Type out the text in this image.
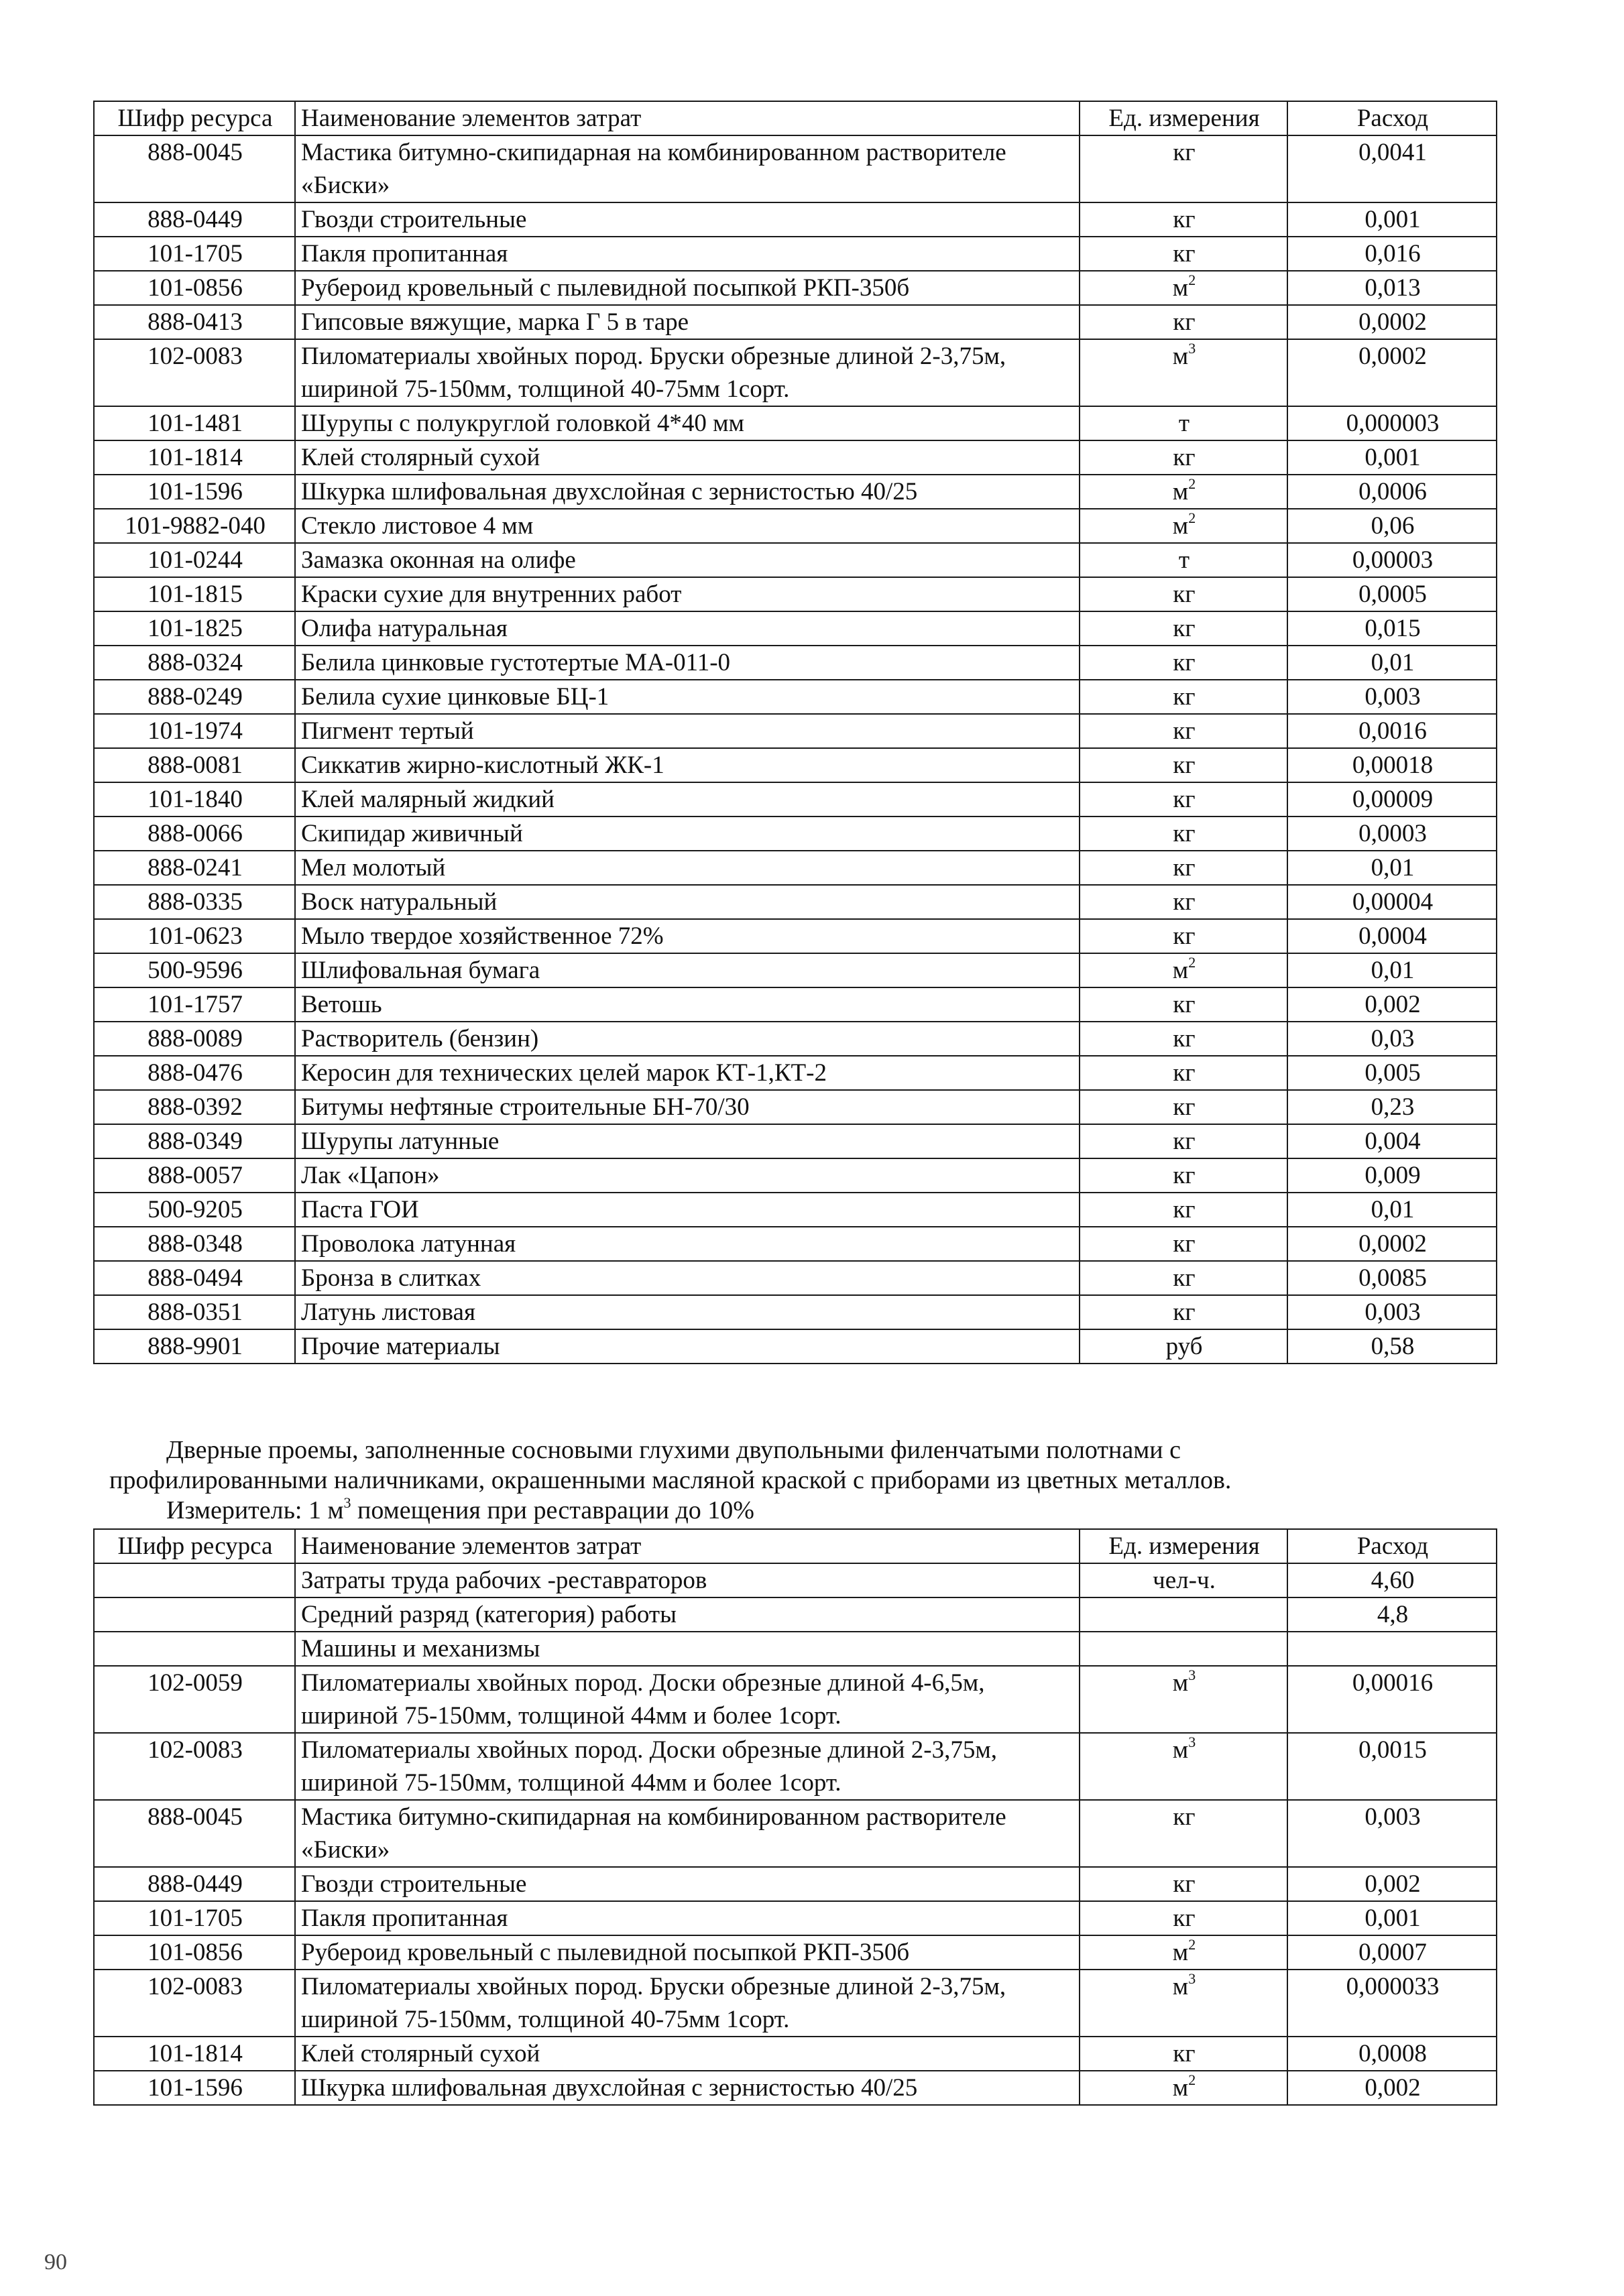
Шифр ресурса	Наименование элементов затрат	Ед. измерения	Расход
888-0045	Мастика битумно-скипидарная на комбинированном растворителе «Биски»	кг	0,0041
888-0449	Гвозди строительные	кг	0,001
101-1705	Пакля пропитанная	кг	0,016
101-0856	Рубероид кровельный с пылевидной посыпкой РКП-350б	$м^2$	0,013
888-0413	Гипсовые вяжущие, марка Г 5 в таре	кг	0,0002
102-0083	Пиломатериалы хвойных пород. Бруски обрезные длиной 2-3,75м, шириной 75-150мм, толщиной 40-75мм 1сорт.	$м^3$	0,0002
101-1481	Шурупы с полукруглой головкой 4*40 мм	т	0,000003
101-1814	Клей столярный сухой	кг	0,001
101-1596	Шкурка шлифовальная двухслойная с зернистостью 40/25	$м^2$	0,0006
101-9882-040	Стекло листовое 4 мм	$м^2$	0,06
101-0244	Замазка оконная на олифе	т	0,00003
101-1815	Краски сухие для внутренних работ	кг	0,0005
101-1825	Олифа натуральная	кг	0,015
888-0324	Белила цинковые густотертые МА-011-0	кг	0,01
888-0249	Белила сухие цинковые БЦ-1	кг	0,003
101-1974	Пигмент тертый	кг	0,0016
888-0081	Сиккатив жирно-кислотный ЖК-1	кг	0,00018
101-1840	Клей малярный жидкий	кг	0,00009
888-0066	Скипидар живичный	кг	0,0003
888-0241	Мел молотый	кг	0,01
888-0335	Воск натуральный	кг	0,00004
101-0623	Мыло твердое хозяйственное 72%	кг	0,0004
500-9596	Шлифовальная бумага	$м^2$	0,01
101-1757	Ветошь	кг	0,002
888-0089	Растворитель (бензин)	кг	0,03
888-0476	Керосин для технических целей марок КТ-1,КТ-2	кг	0,005
888-0392	Битумы нефтяные строительные БН-70/30	кг	0,23
888-0349	Шурупы латунные	кг	0,004
888-0057	Лак «Цапон»	кг	0,009
500-9205	Паста ГОИ	кг	0,01
888-0348	Проволока латунная	кг	0,0002
888-0494	Бронза в слитках	кг	0,0085
888-0351	Латунь листовая	кг	0,003
888-9901	Прочие материалы	руб	0,58
Дверные проемы, заполненные сосновыми глухими двупольными филенчатыми полотнами с
профилированными наличниками, окрашенными масляной краской с приборами из цветных металлов.
Измеритель: 1 $м^3$ помещения при реставрации до 10%
Шифр ресурса	Наименование элементов затрат	Ед. измерения	Расход
	Затраты труда рабочих -реставраторов	чел-ч.	4,60
	Средний разряд (категория) работы		4,8
	Машины и механизмы		
102-0059	Пиломатериалы хвойных пород. Доски обрезные длиной 4-6,5м, шириной 75-150мм, толщиной 44мм и более 1сорт.	$м^3$	0,00016
102-0083	Пиломатериалы хвойных пород. Доски обрезные длиной 2-3,75м, шириной 75-150мм, толщиной 44мм и более 1сорт.	$м^3$	0,0015
888-0045	Мастика битумно-скипидарная на комбинированном растворителе «Биски»	кг	0,003
888-0449	Гвозди строительные	кг	0,002
101-1705	Пакля пропитанная	кг	0,001
101-0856	Рубероид кровельный с пылевидной посыпкой РКП-350б	$м^2$	0,0007
102-0083	Пиломатериалы хвойных пород. Бруски обрезные длиной 2-3,75м, шириной 75-150мм, толщиной 40-75мм 1сорт.	$м^3$	0,000033
101-1814	Клей столярный сухой	кг	0,0008
101-1596	Шкурка шлифовальная двухслойная с зернистостью 40/25	$м^2$	0,002
90
